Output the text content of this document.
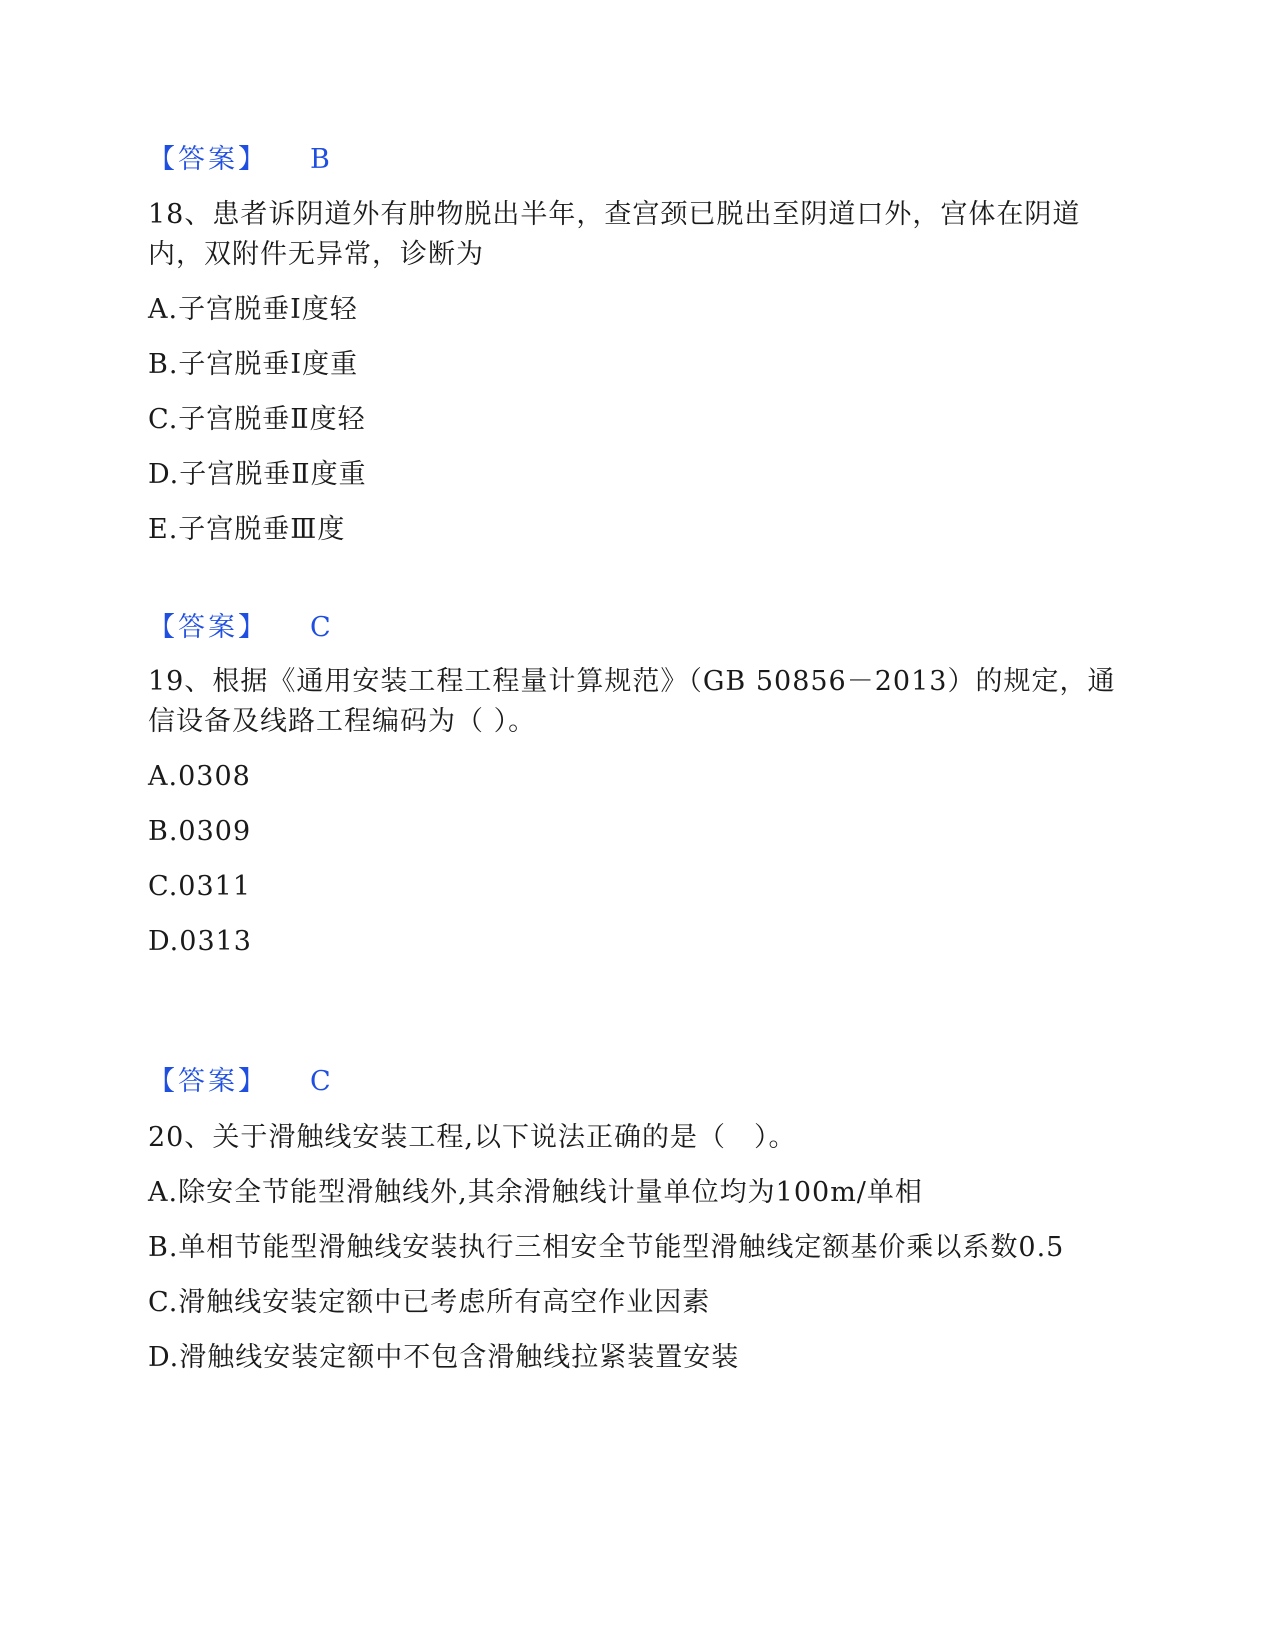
【答案】 B
18、患者诉阴道外有肿物脱出半年，查宫颈已脱出至阴道口外，宫体在阴道
内，双附件无异常，诊断为
A.子宫脱垂Ⅰ度轻
B.子宫脱垂Ⅰ度重
C.子宫脱垂Ⅱ度轻
D.子宫脱垂Ⅱ度重
E.子宫脱垂Ⅲ度
【答案】 C
19、根据《通用安装工程工程量计算规范》（GB 50856－2013）的规定，通
信设备及线路工程编码为（ ）。
A.0308
B.0309
C.0311
D.0313
【答案】 C
20、关于滑触线安装工程,以下说法正确的是（　）。
A.除安全节能型滑触线外,其余滑触线计量单位均为100m/单相
B.单相节能型滑触线安装执行三相安全节能型滑触线定额基价乘以系数0.5
C.滑触线安装定额中已考虑所有高空作业因素
D.滑触线安装定额中不包含滑触线拉紧装置安装
